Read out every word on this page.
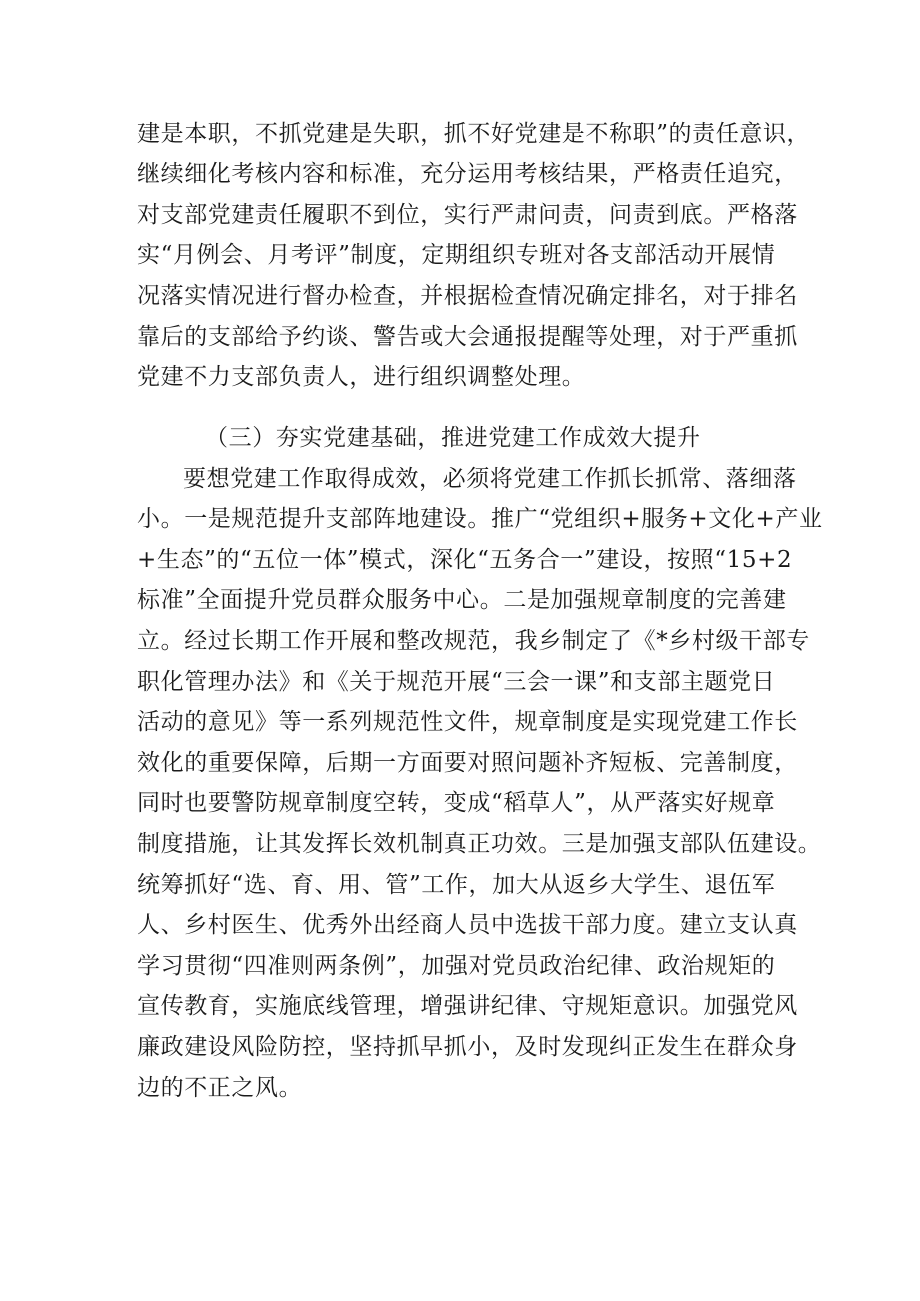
建是本职，不抓党建是失职，抓不好党建是不称职”的责任意识，
继续细化考核内容和标准，充分运用考核结果，严格责任追究，
对支部党建责任履职不到位，实行严肃问责，问责到底。严格落
实“月例会、月考评”制度，定期组织专班对各支部活动开展情
况落实情况进行督办检查，并根据检查情况确定排名，对于排名
靠后的支部给予约谈、警告或大会通报提醒等处理，对于严重抓
党建不力支部负责人，进行组织调整处理。
（三）夯实党建基础，推进党建工作成效大提升
要想党建工作取得成效，必须将党建工作抓长抓常、落细落
小。一是规范提升支部阵地建设。推广“党组织+服务+文化+产业
+生态”的“五位一体”模式，深化“五务合一”建设，按照“15+2
标准”全面提升党员群众服务中心。二是加强规章制度的完善建
立。经过长期工作开展和整改规范，我乡制定了《*乡村级干部专
职化管理办法》和《关于规范开展“三会一课”和支部主题党日
活动的意见》等一系列规范性文件，规章制度是实现党建工作长
效化的重要保障，后期一方面要对照问题补齐短板、完善制度，
同时也要警防规章制度空转，变成“稻草人”，从严落实好规章
制度措施，让其发挥长效机制真正功效。三是加强支部队伍建设。
统筹抓好“选、育、用、管”工作，加大从返乡大学生、退伍军
人、乡村医生、优秀外出经商人员中选拔干部力度。建立支认真
学习贯彻“四准则两条例”，加强对党员政治纪律、政治规矩的
宣传教育，实施底线管理，增强讲纪律、守规矩意识。加强党风
廉政建设风险防控，坚持抓早抓小，及时发现纠正发生在群众身
边的不正之风。
